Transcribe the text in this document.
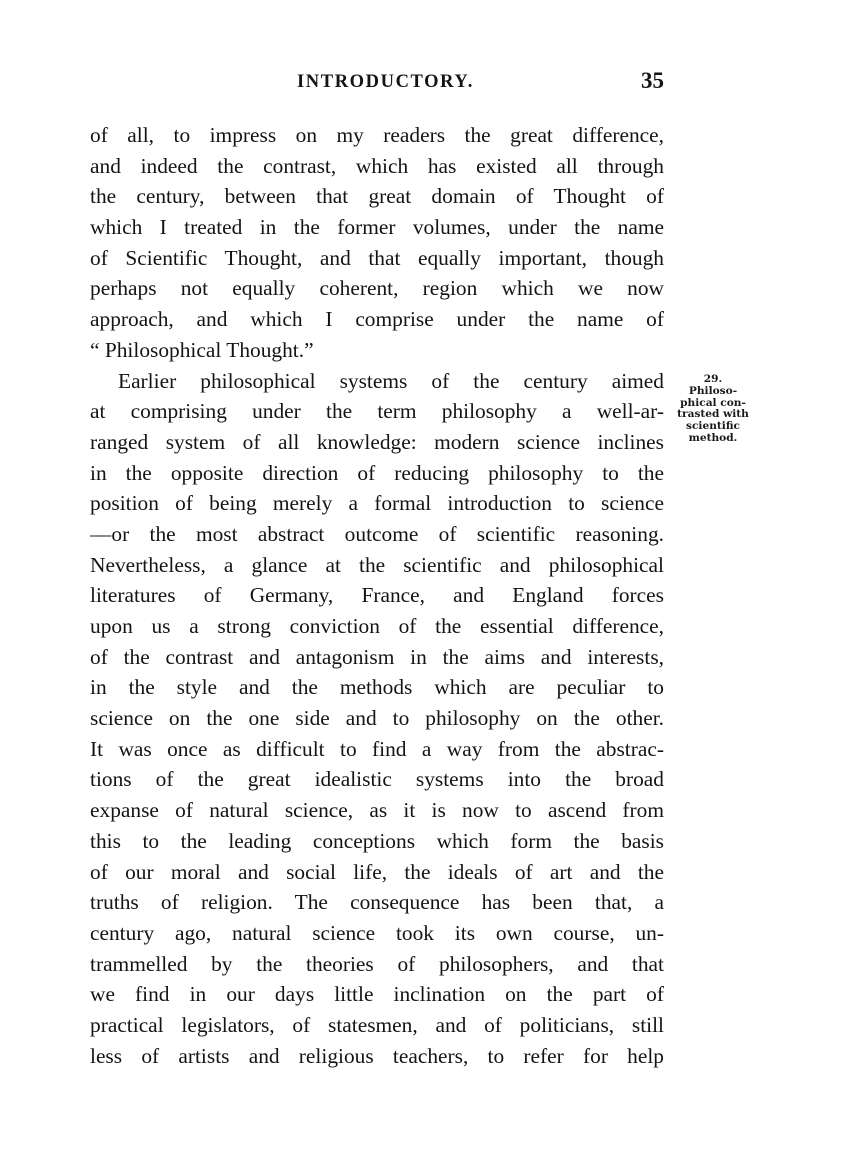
INTRODUCTORY.	35
29.
Philoso-
phical con-
trasted with
scientific
method.
of all, to impress on my readers the great difference,
and indeed the contrast, which has existed all through
the century, between that great domain of Thought of
which I treated in the former volumes, under the name
of Scientific Thought, and that equally important, though
perhaps not equally coherent, region which we now
approach, and which I comprise under the name of
“ Philosophical Thought.”
Earlier philosophical systems of the century aimed
at comprising under the term philosophy a well-ar-
ranged system of all knowledge: modern science inclines
in the opposite direction of reducing philosophy to the
position of being merely a formal introduction to science
—or the most abstract outcome of scientific reasoning.
Nevertheless, a glance at the scientific and philosophical
literatures of Germany, France, and England forces
upon us a strong conviction of the essential difference,
of the contrast and antagonism in the aims and interests,
in the style and the methods which are peculiar to
science on the one side and to philosophy on the other.
It was once as difficult to find a way from the abstrac-
tions of the great idealistic systems into the broad
expanse of natural science, as it is now to ascend from
this to the leading conceptions which form the basis
of our moral and social life, the ideals of art and the
truths of religion. The consequence has been that, a
century ago, natural science took its own course, un-
trammelled by the theories of philosophers, and that
we find in our days little inclination on the part of
practical legislators, of statesmen, and of politicians, still
less of artists and religious teachers, to refer for help
